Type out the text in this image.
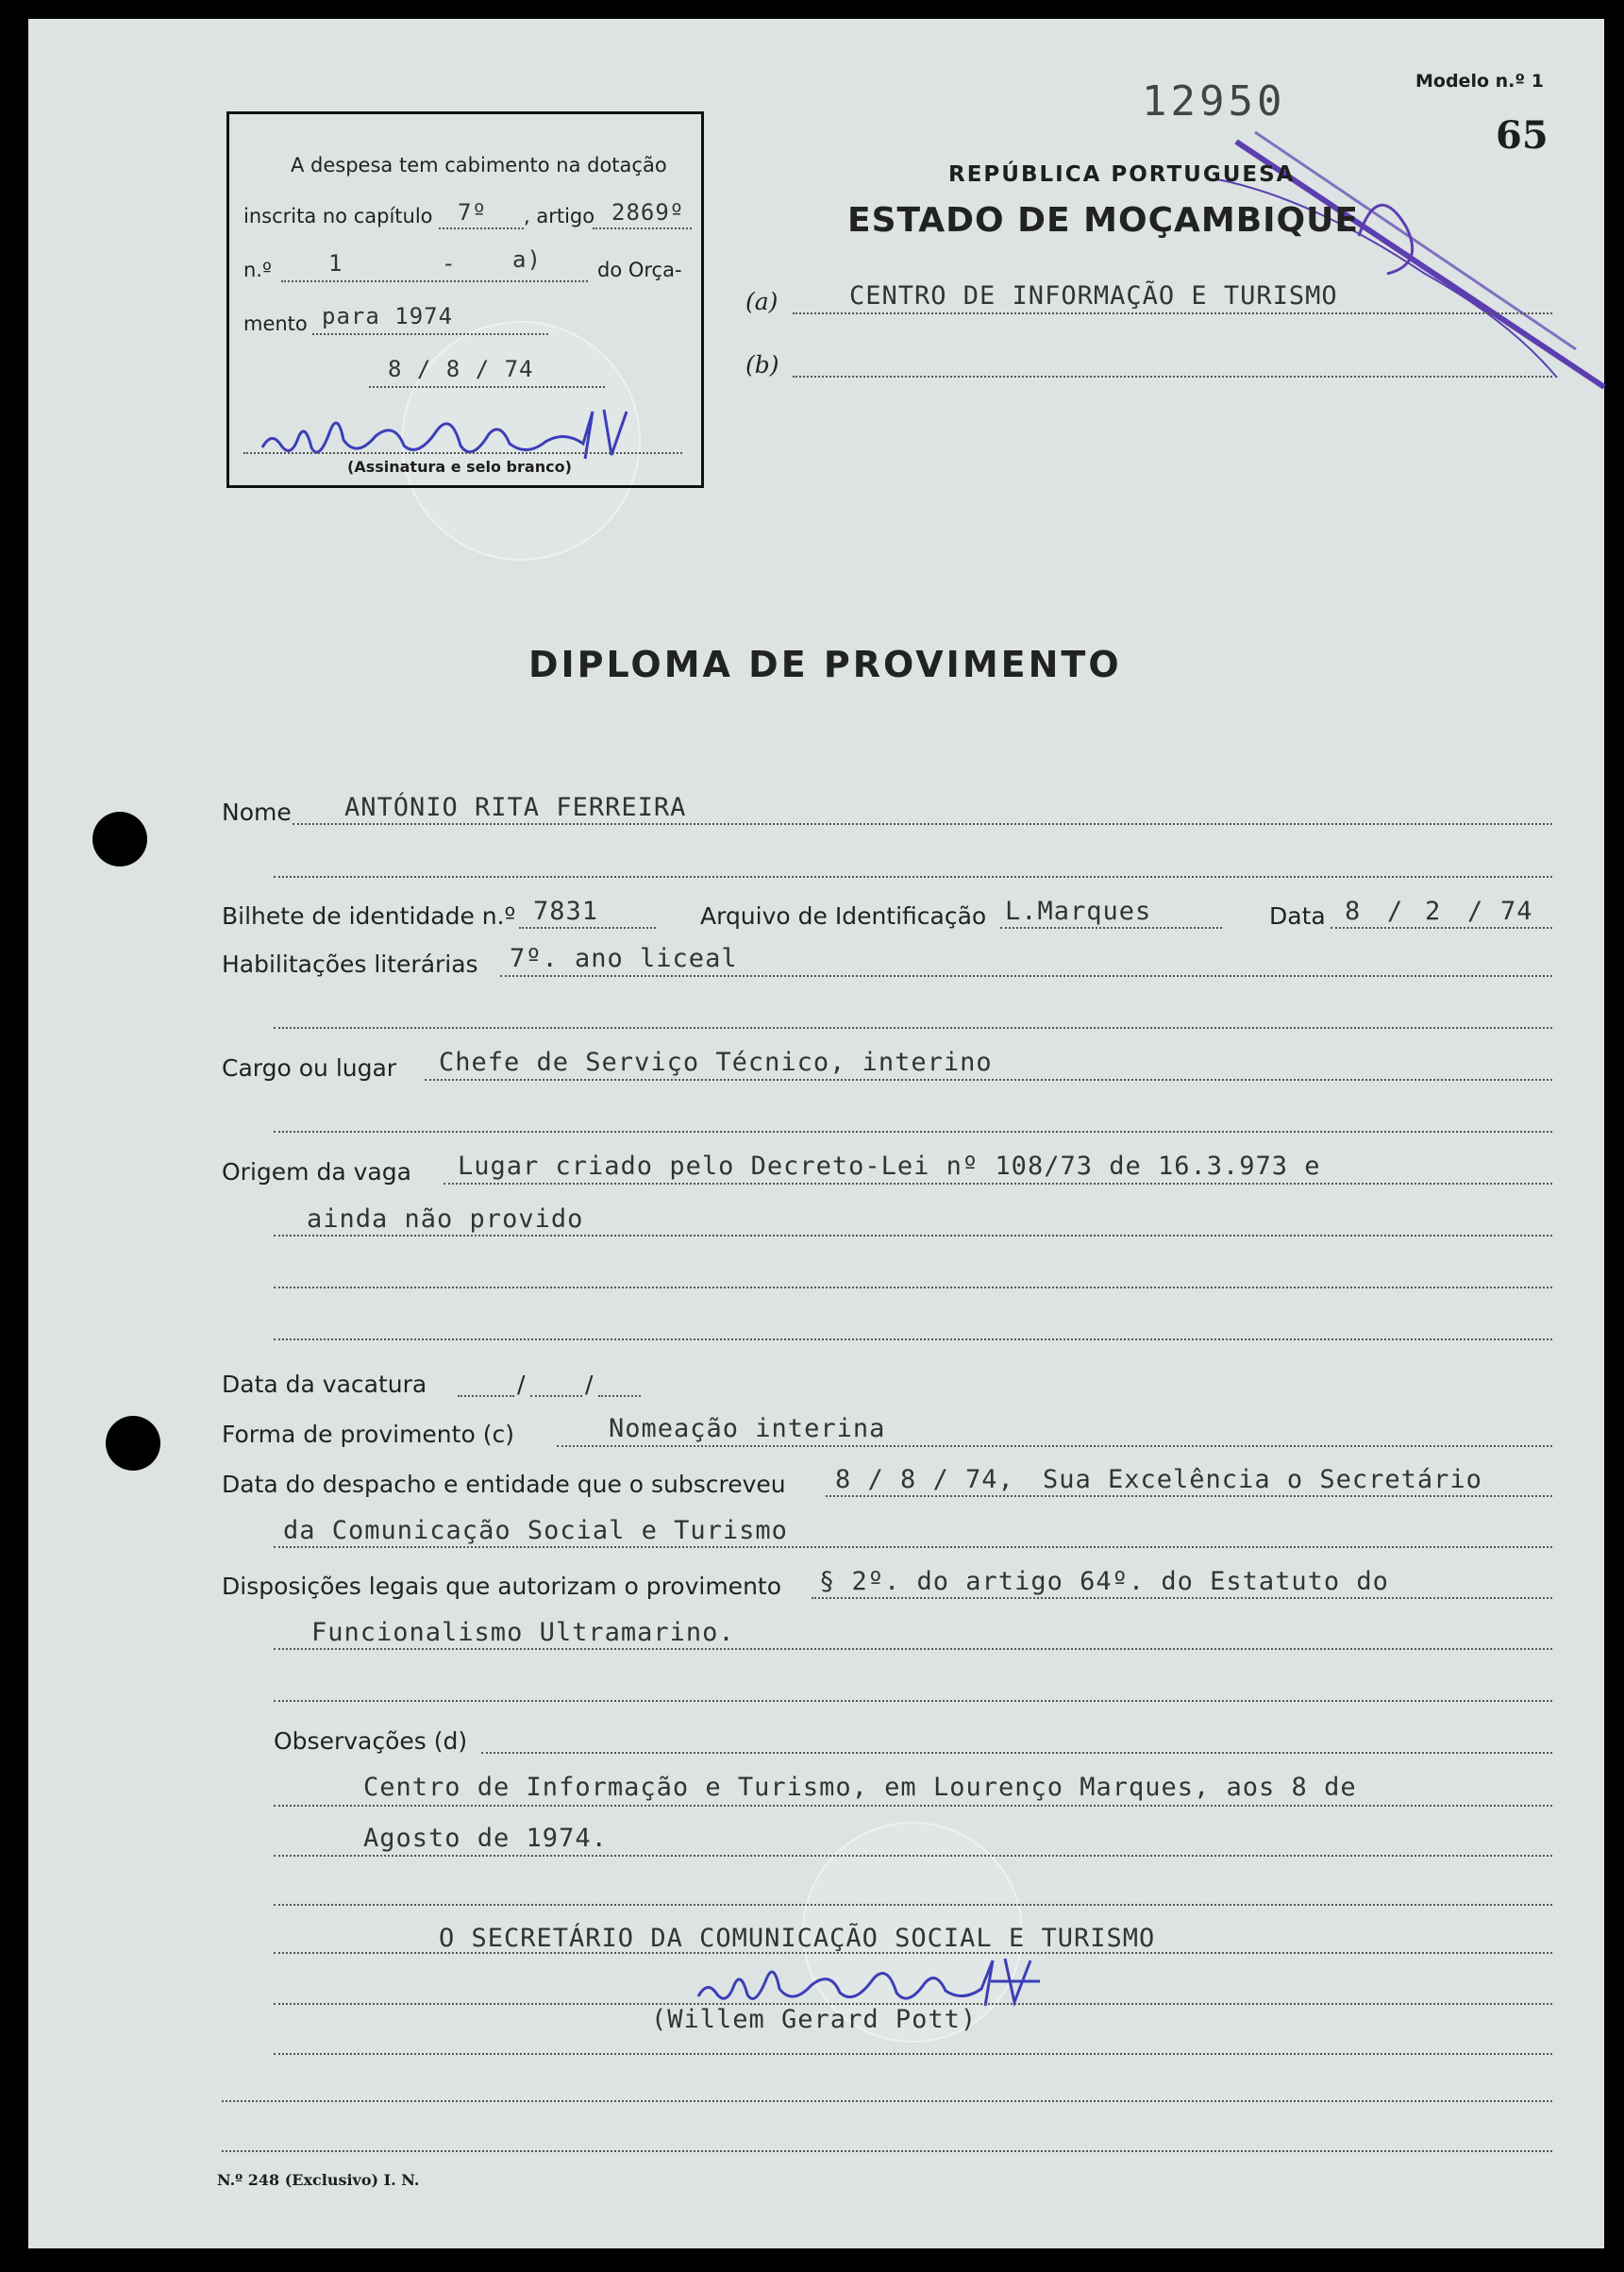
Modelo n.º 1
65
12950
REPÚBLICA PORTUGUESA
ESTADO DE MOÇAMBIQUE
(a)	CENTRO DE INFORMAÇÃO E TURISMO
(b)
A despesa tem cabimento na dotação
inscrita no capítulo 7º , artigo 2869º
n.º	1	- a)	do Orça-
mento para 1974
8 / 8 / 74
(Assinatura e selo branco)
DIPLOMA DE PROVIMENTO
Nome ANTÓNIO RITA FERREIRA
Bilhete de identidade n.º 7831	Arquivo de Identificação L.Marques	Data 8 / 2 / 74
Habilitações literárias 7º. ano liceal
Cargo ou lugar Chefe de Serviço Técnico, interino
Origem da vaga Lugar criado pelo Decreto-Lei nº 108/73 de 16.3.973 e
ainda não provido
Data da vacatura	/	/
Forma de provimento (c)	Nomeação interina
Data do despacho e entidade que o subscreveu 8 / 8 / 74, Sua Excelência o Secretário
da Comunicação Social e Turismo
Disposições legais que autorizam o provimento § 2º. do artigo 64º. do Estatuto do
Funcionalismo Ultramarino.
Observações (d)
Centro de Informação e Turismo, em Lourenço Marques, aos 8 de
Agosto de 1974.
O SECRETÁRIO DA COMUNICAÇÃO SOCIAL E TURISMO
(Willem Gerard Pott)
N.º 248 (Exclusivo) I. N.
